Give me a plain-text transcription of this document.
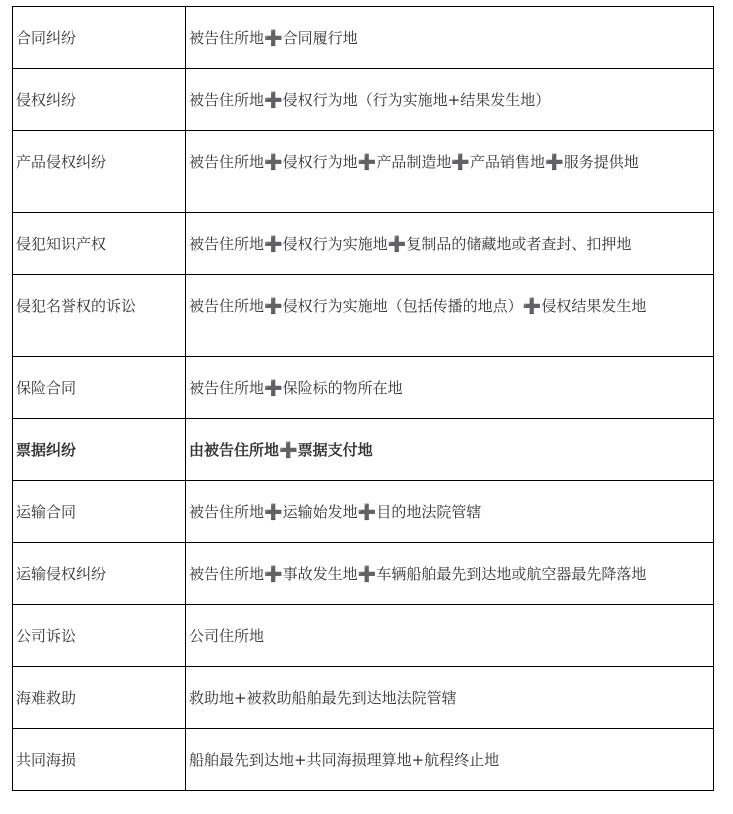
合同纠纷	被告住所地➕合同履行地
侵权纠纷	被告住所地➕侵权行为地（行为实施地+结果发生地）
产品侵权纠纷	被告住所地➕侵权行为地➕产品制造地➕产品销售地➕服务提供地
侵犯知识产权	被告住所地➕侵权行为实施地➕复制品的储藏地或者查封、扣押地
侵犯名誉权的诉讼	被告住所地➕侵权行为实施地（包括传播的地点）➕侵权结果发生地
保险合同	被告住所地➕保险标的物所在地
票据纠纷	由被告住所地➕票据支付地
运输合同	被告住所地➕运输始发地➕目的地法院管辖
运输侵权纠纷	被告住所地➕事故发生地➕车辆船舶最先到达地或航空器最先降落地
公司诉讼	公司住所地
海难救助	救助地+被救助船舶最先到达地法院管辖
共同海损	船舶最先到达地+共同海损理算地+航程终止地
